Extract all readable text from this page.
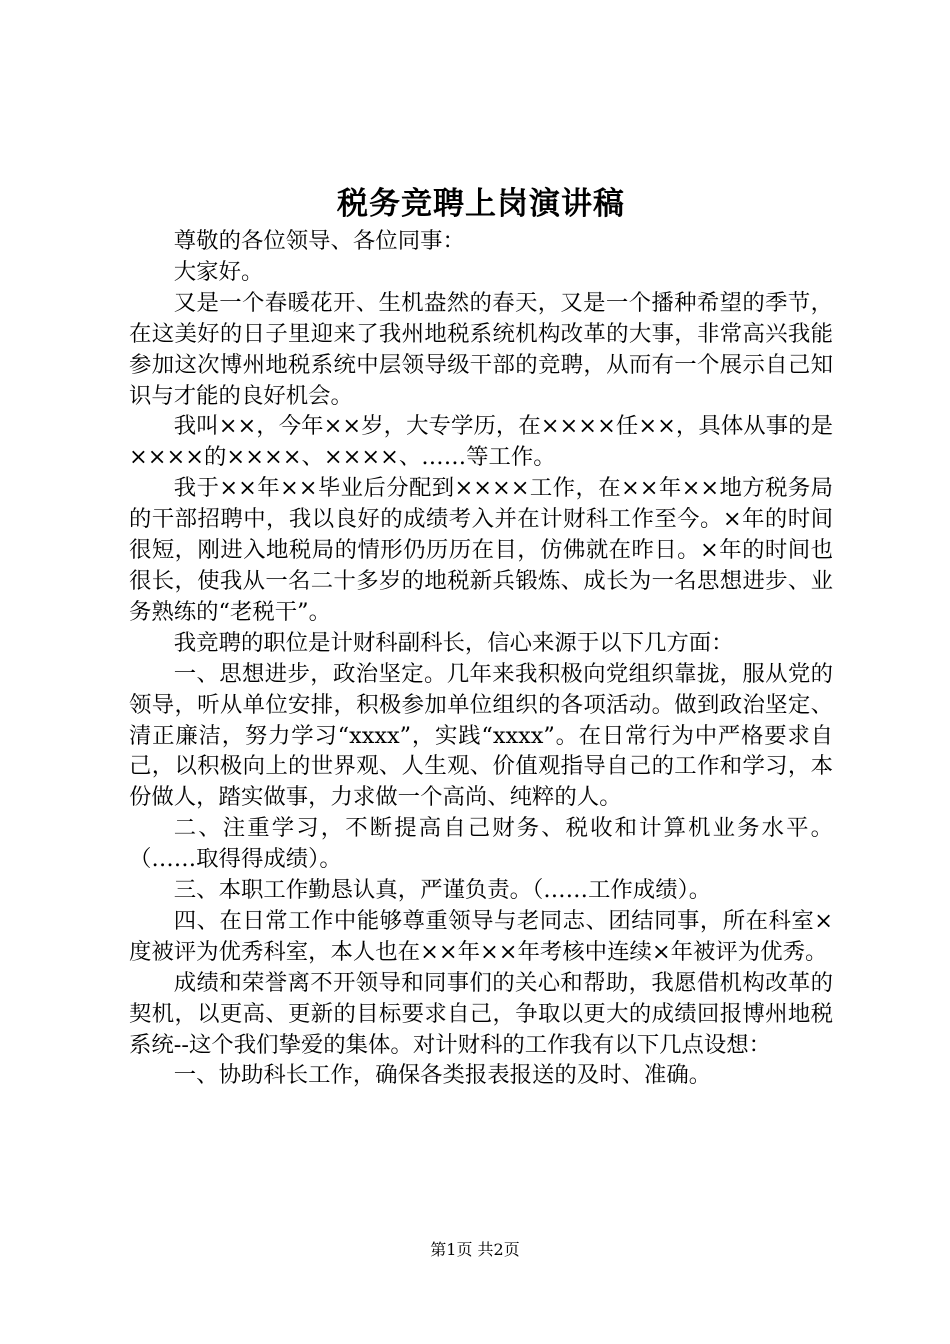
税务竞聘上岗演讲稿

尊敬的各位领导、各位同事：

大家好。

又是一个春暖花开、生机盎然的春天，又是一个播种希望的季节，在这美好的日子里迎来了我州地税系统机构改革的大事，非常高兴我能参加这次博州地税系统中层领导级干部的竞聘，从而有一个展示自己知识与才能的良好机会。

我叫××，今年××岁，大专学历，在××××任××，具体从事的是××××的××××、××××、……等工作。

我于××年××毕业后分配到××××工作，在××年××地方税务局的干部招聘中，我以良好的成绩考入并在计财科工作至今。×年的时间很短，刚进入地税局的情形仍历历在目，仿佛就在昨日。×年的时间也很长，使我从一名二十多岁的地税新兵锻炼、成长为一名思想进步、业务熟练的“老税干”。

我竞聘的职位是计财科副科长，信心来源于以下几方面：

一、思想进步，政治坚定。几年来我积极向党组织靠拢，服从党的领导，听从单位安排，积极参加单位组织的各项活动。做到政治坚定、清正廉洁，努力学习“xxxx”，实践“xxxx”。在日常行为中严格要求自己，以积极向上的世界观、人生观、价值观指导自己的工作和学习，本份做人，踏实做事，力求做一个高尚、纯粹的人。

二、注重学习，不断提高自己财务、税收和计算机业务水平。（……取得得成绩）。

三、本职工作勤恳认真，严谨负责。（……工作成绩）。

四、在日常工作中能够尊重领导与老同志、团结同事，所在科室×度被评为优秀科室，本人也在××年××年考核中连续×年被评为优秀。

成绩和荣誉离不开领导和同事们的关心和帮助，我愿借机构改革的契机，以更高、更新的目标要求自己，争取以更大的成绩回报博州地税系统--这个我们挚爱的集体。对计财科的工作我有以下几点设想：

一、协助科长工作，确保各类报表报送的及时、准确。

第1页 共2页
